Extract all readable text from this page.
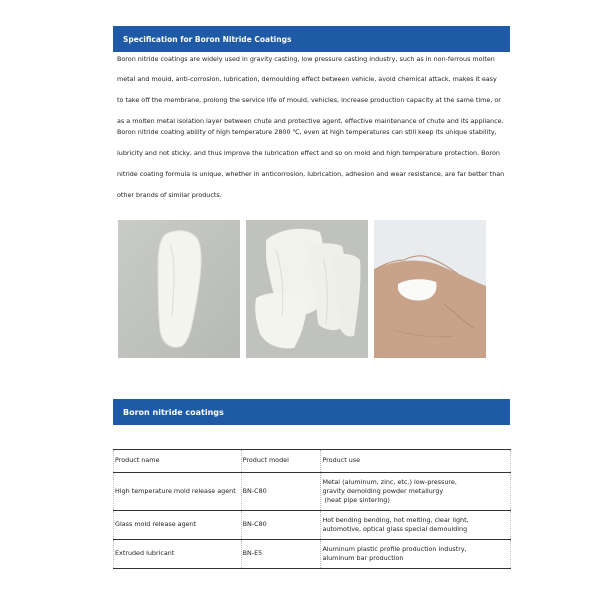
Specification for Boron Nitride Coatings
Boron nitride coatings are widely used in gravity casting, low pressure casting industry, such as in non-ferrous molten
metal and mould, anti-corrosion, lubrication, demoulding effect between vehicle, avoid chemical attack, makes it easy
to take off the membrane, prolong the service life of mould, vehicles, increase production capacity at the same time, or
as a molten metal isolation layer between chute and protective agent, effective maintenance of chute and its appliance.
Boron nitride coating ability of high temperature 2800 ℃, even at high temperatures can still keep its unique stability,
lubricity and not sticky, and thus improve the lubrication effect and so on mold and high temperature protection. Boron
nitride coating formula is unique, whether in anticorrosion, lubrication, adhesion and wear resistance, are far better than
other brands of similar products.
Boron nitride coatings
Product name	Product model	Product use
High temperature mold release agent	BN-C80	Metal (aluminum, zinc, etc.) low-pressure,
gravity demolding powder metallurgy
(heat pipe sintering)

Glass mold release agent	BN-C80	Hot bending bending, hot melting, clear light,
automotive, optical glass special demoulding

Extruded lubricant	BN-E5	Aluminum plastic profile production industry,
aluminum bar production
